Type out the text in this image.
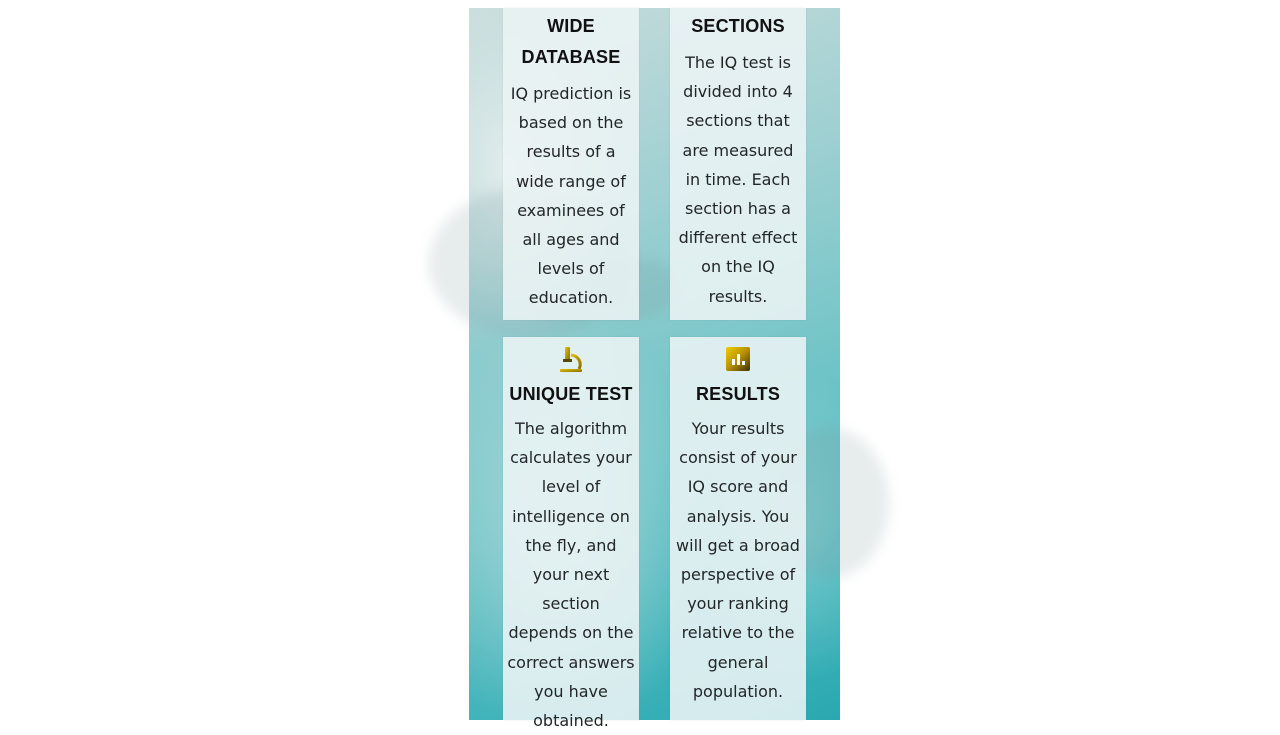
WIDE DATABASE
IQ prediction is based on the results of a wide range of examinees of all ages and levels of education.
SECTIONS
The IQ test is divided into 4 sections that are measured in time. Each section has a different effect on the IQ results.
UNIQUE TEST
The algorithm calculates your level of intelligence on the fly, and your next section depends on the correct answers you have obtained.
RESULTS
Your results consist of your IQ score and analysis. You will get a broad perspective of your ranking relative to the general population.
